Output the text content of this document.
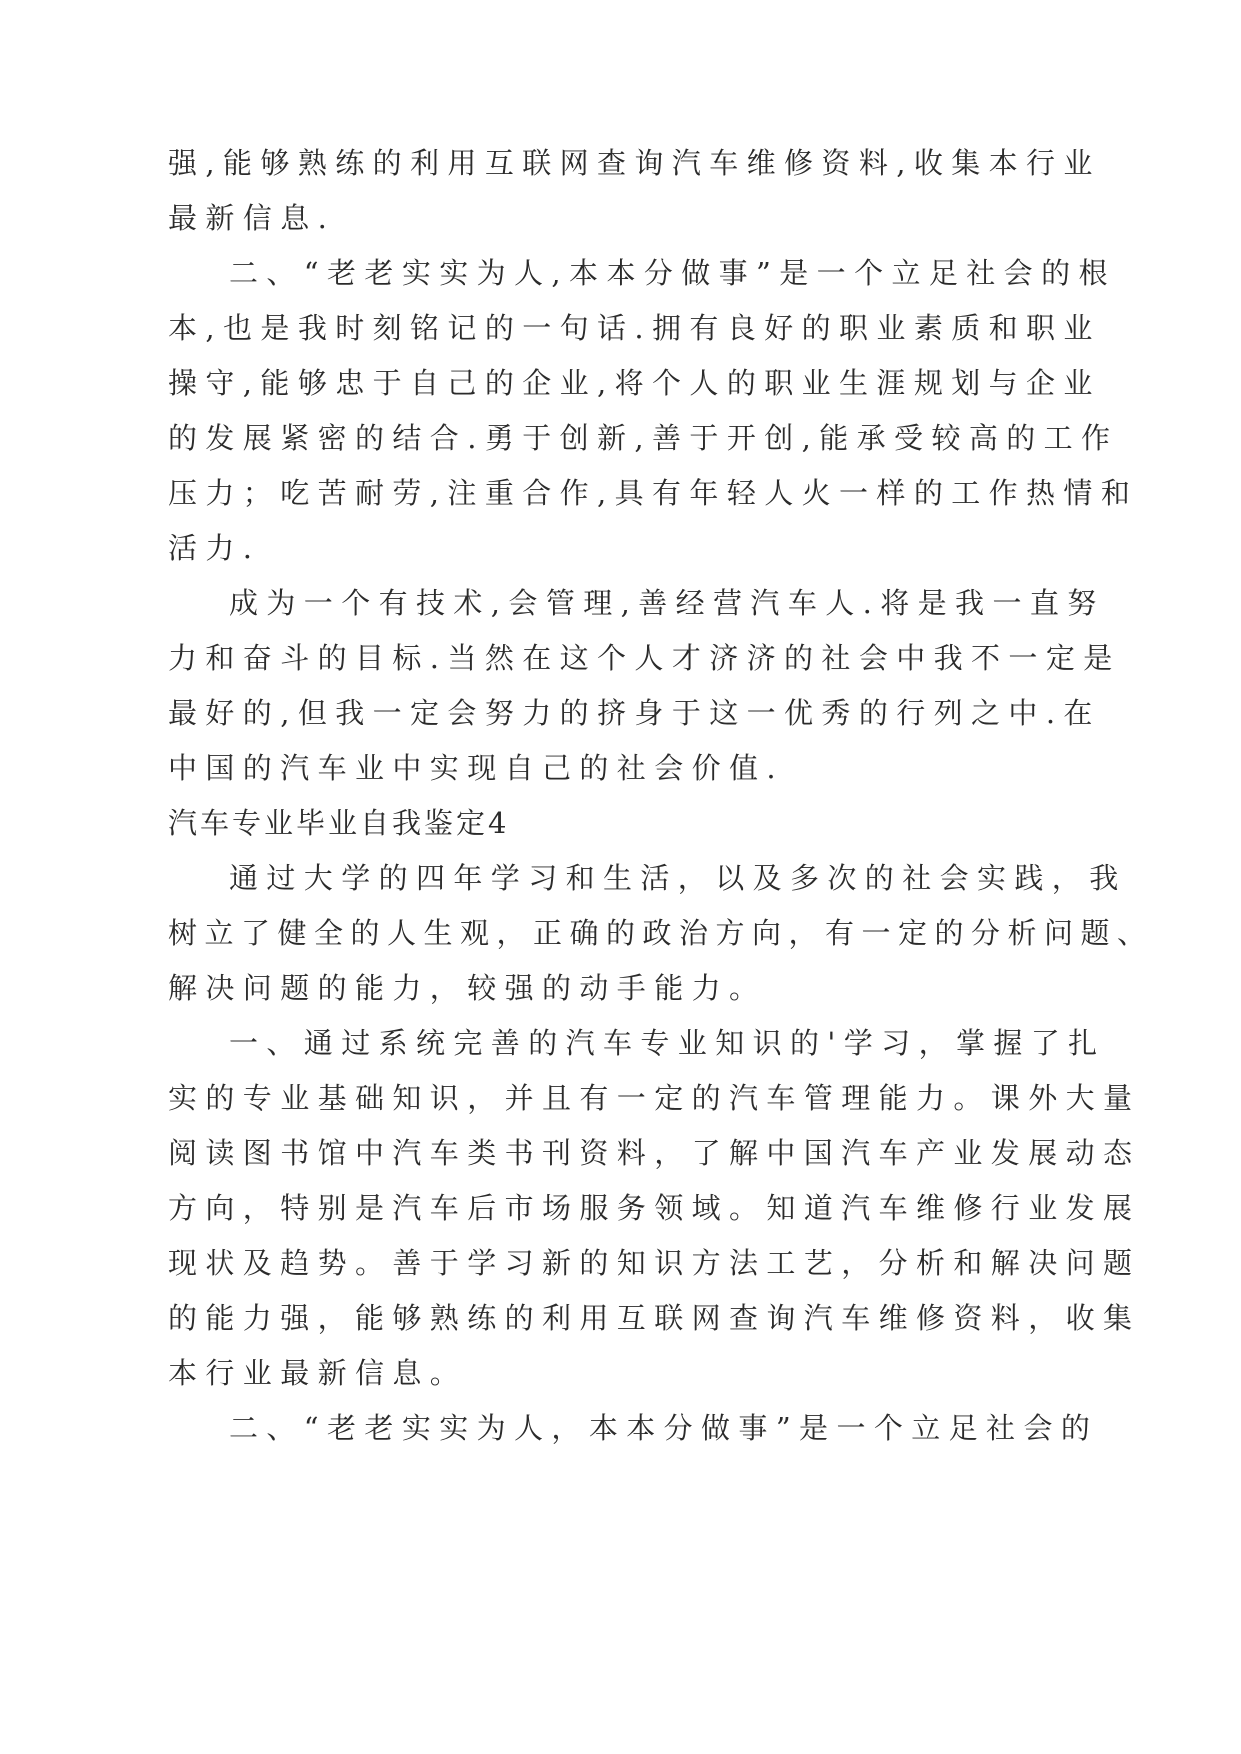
强,能够熟练的利用互联网查询汽车维修资料,收集本行业
最新信息.
二、“老老实实为人,本本分做事”是一个立足社会的根
本,也是我时刻铭记的一句话.拥有良好的职业素质和职业
操守,能够忠于自己的企业,将个人的职业生涯规划与企业
的发展紧密的结合.勇于创新,善于开创,能承受较高的工作
压力；吃苦耐劳,注重合作,具有年轻人火一样的工作热情和
活力.
成为一个有技术,会管理,善经营汽车人.将是我一直努
力和奋斗的目标.当然在这个人才济济的社会中我不一定是
最好的,但我一定会努力的挤身于这一优秀的行列之中.在
中国的汽车业中实现自己的社会价值.
汽车专业毕业自我鉴定4
通过大学的四年学习和生活，以及多次的社会实践，我
树立了健全的人生观，正确的政治方向，有一定的分析问题、
解决问题的能力，较强的动手能力。
一、通过系统完善的汽车专业知识的'学习，掌握了扎
实的专业基础知识，并且有一定的汽车管理能力。课外大量
阅读图书馆中汽车类书刊资料，了解中国汽车产业发展动态
方向，特别是汽车后市场服务领域。知道汽车维修行业发展
现状及趋势。善于学习新的知识方法工艺，分析和解决问题
的能力强，能够熟练的利用互联网查询汽车维修资料，收集
本行业最新信息。
二、“老老实实为人，本本分做事”是一个立足社会的
